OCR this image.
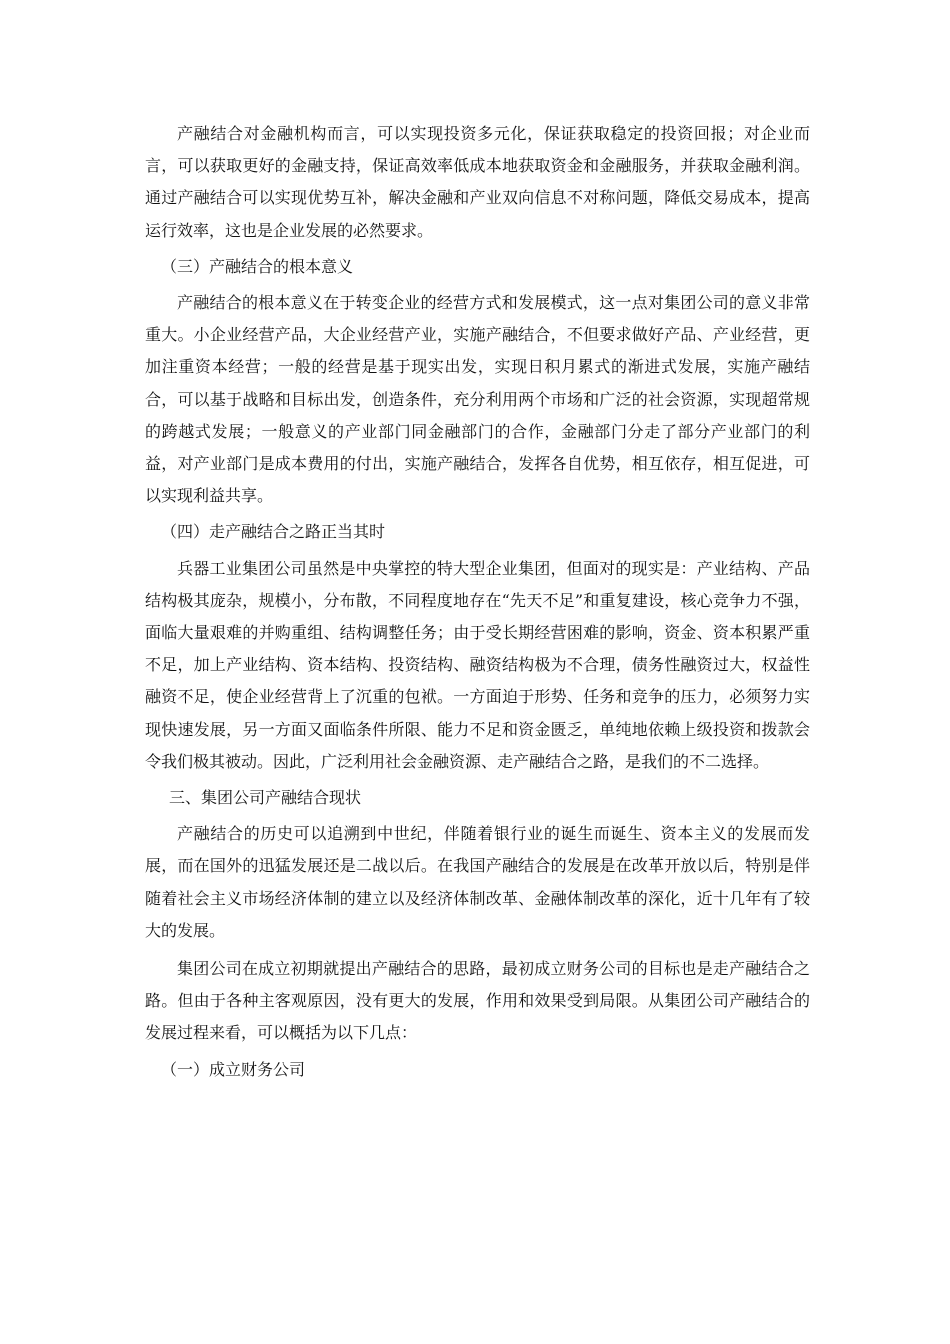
产融结合对金融机构而言，可以实现投资多元化，保证获取稳定的投资回报；对企业而言，可以获取更好的金融支持，保证高效率低成本地获取资金和金融服务，并获取金融利润。通过产融结合可以实现优势互补，解决金融和产业双向信息不对称问题，降低交易成本，提高运行效率，这也是企业发展的必然要求。

（三）产融结合的根本意义

产融结合的根本意义在于转变企业的经营方式和发展模式，这一点对集团公司的意义非常重大。小企业经营产品，大企业经营产业，实施产融结合，不但要求做好产品、产业经营，更加注重资本经营；一般的经营是基于现实出发，实现日积月累式的渐进式发展，实施产融结合，可以基于战略和目标出发，创造条件，充分利用两个市场和广泛的社会资源，实现超常规的跨越式发展；一般意义的产业部门同金融部门的合作，金融部门分走了部分产业部门的利益，对产业部门是成本费用的付出，实施产融结合，发挥各自优势，相互依存，相互促进，可以实现利益共享。

（四）走产融结合之路正当其时

兵器工业集团公司虽然是中央掌控的特大型企业集团，但面对的现实是：产业结构、产品结构极其庞杂，规模小，分布散，不同程度地存在“先天不足”和重复建设，核心竞争力不强，面临大量艰难的并购重组、结构调整任务；由于受长期经营困难的影响，资金、资本积累严重不足，加上产业结构、资本结构、投资结构、融资结构极为不合理，债务性融资过大，权益性融资不足，使企业经营背上了沉重的包袱。一方面迫于形势、任务和竞争的压力，必须努力实现快速发展，另一方面又面临条件所限、能力不足和资金匮乏，单纯地依赖上级投资和拨款会令我们极其被动。因此，广泛利用社会金融资源、走产融结合之路，是我们的不二选择。

三、集团公司产融结合现状

产融结合的历史可以追溯到中世纪，伴随着银行业的诞生而诞生、资本主义的发展而发展，而在国外的迅猛发展还是二战以后。在我国产融结合的发展是在改革开放以后，特别是伴随着社会主义市场经济体制的建立以及经济体制改革、金融体制改革的深化，近十几年有了较大的发展。

集团公司在成立初期就提出产融结合的思路，最初成立财务公司的目标也是走产融结合之路。但由于各种主客观原因，没有更大的发展，作用和效果受到局限。从集团公司产融结合的发展过程来看，可以概括为以下几点：

（一）成立财务公司
